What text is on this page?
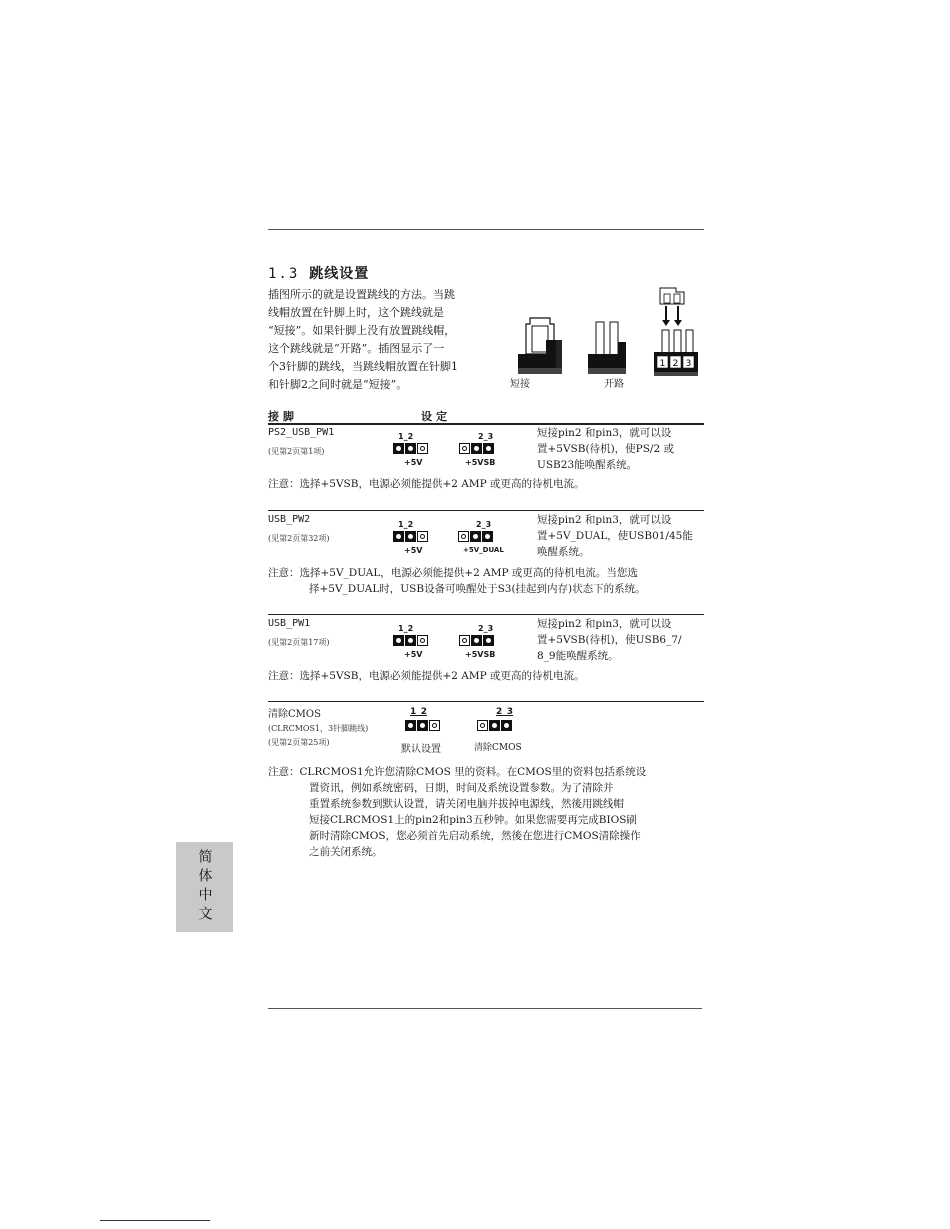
1.3 跳线设置
插图所示的就是设置跳线的方法。当跳
线帽放置在针脚上时，这个跳线就是
“短接”。如果针脚上没有放置跳线帽，
这个跳线就是“开路”。插图显示了一
个3针脚的跳线，当跳线帽放置在针脚1
和针脚2之间时就是“短接”。
1 2 3
短接	开路
接脚	设定
PS2_USB_PW1
(见第2页第1项)
1_2
+5V
2_3
+5VSB
短接pin2 和pin3，就可以设
置+5VSB(待机)，使PS/2 或
USB23能唤醒系统。
注意：选择+5VSB，电源必须能提供+2 AMP 或更高的待机电流。
USB_PW2
(见第2页第32项)
1_2
+5V
2_3
+5V_DUAL
短接pin2 和pin3，就可以设
置+5V_DUAL，使USB01/45能
唤醒系统。
注意：选择+5V_DUAL，电源必须能提供+2 AMP 或更高的待机电流。当您选
择+5V_DUAL时，USB设备可唤醒处于S3(挂起到内存)状态下的系统。
USB_PW1
(见第2页第17项)
1_2
+5V
2_3
+5VSB
短接pin2 和pin3，就可以设
置+5VSB(待机)，使USB6_7/
8_9能唤醒系统。
注意：选择+5VSB，电源必须能提供+2 AMP 或更高的待机电流。
清除CMOS
(CLRCMOS1，3针脚跳线)
(见第2页第25项)
1_2
默认设置
2_3
清除CMOS
注意：CLRCMOS1允许您清除CMOS 里的资料。在CMOS里的资料包括系统设
置资讯，例如系统密码，日期，时间及系统设置参数。为了清除并
重置系统参数到默认设置，请关闭电脑并拔掉电源线，然後用跳线帽
短接CLRCMOS1上的pin2和pin3五秒钟。如果您需要再完成BIOS刷
新时清除CMOS，您必须首先启动系统，然後在您进行CMOS清除操作
之前关闭系统。
简体中文
